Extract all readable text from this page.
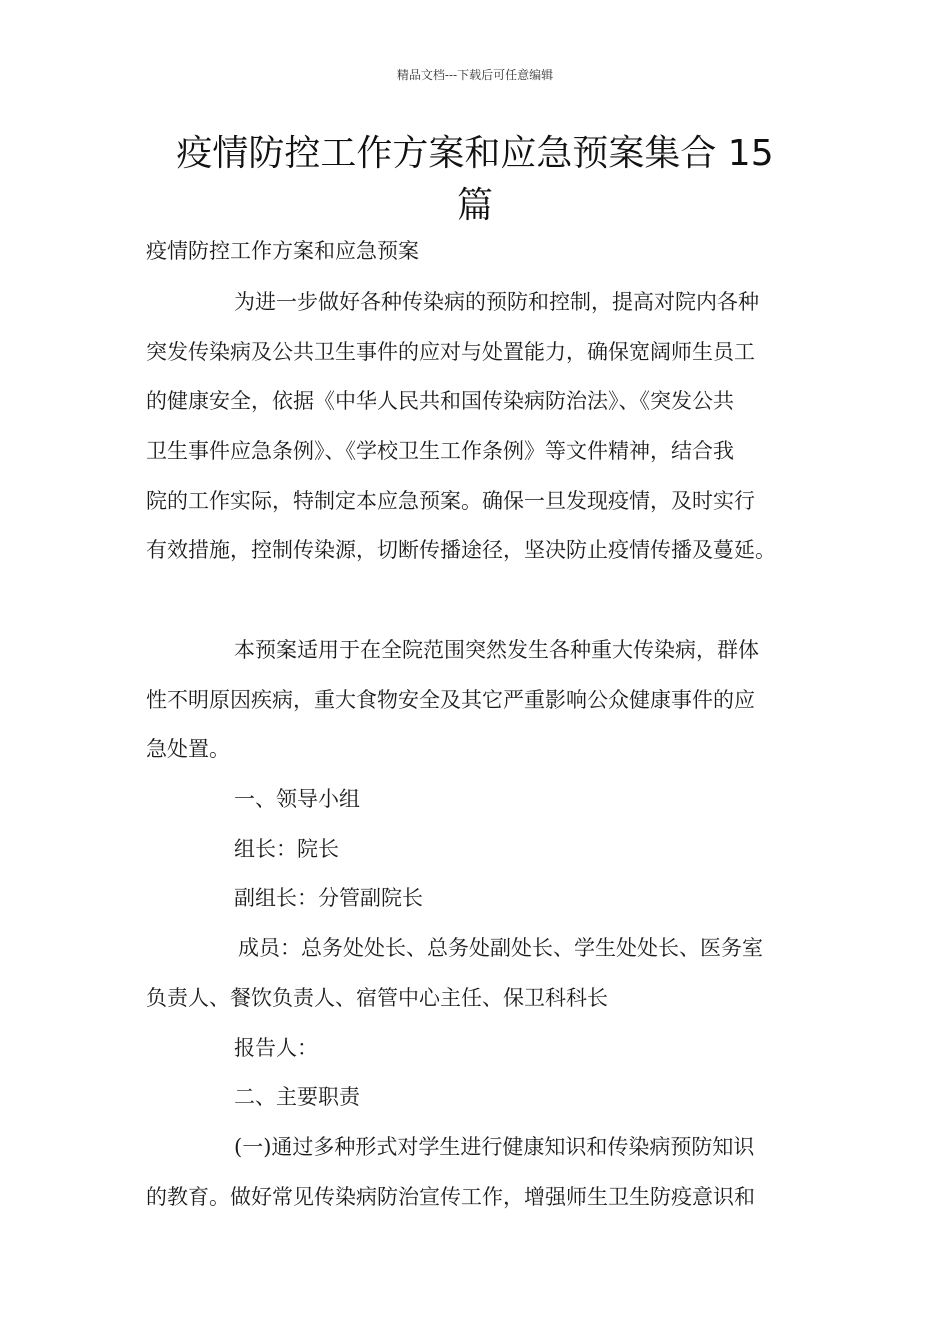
精品文档---下载后可任意编辑
疫情防控工作方案和应急预案集合 15
篇
疫情防控工作方案和应急预案
为进一步做好各种传染病的预防和控制，提高对院内各种
突发传染病及公共卫生事件的应对与处置能力，确保宽阔师生员工
的健康安全，依据《中华人民共和国传染病防治法》、《突发公共
卫生事件应急条例》、《学校卫生工作条例》等文件精神，结合我
院的工作实际，特制定本应急预案。确保一旦发现疫情，及时实行
有效措施，控制传染源，切断传播途径，坚决防止疫情传播及蔓延。
本预案适用于在全院范围突然发生各种重大传染病，群体
性不明原因疾病，重大食物安全及其它严重影响公众健康事件的应
急处置。
一、领导小组
组长：院长
副组长：分管副院长
成员：总务处处长、总务处副处长、学生处处长、医务室
负责人、餐饮负责人、宿管中心主任、保卫科科长
报告人：
二、主要职责
(一)通过多种形式对学生进行健康知识和传染病预防知识
的教育。做好常见传染病防治宣传工作，增强师生卫生防疫意识和
